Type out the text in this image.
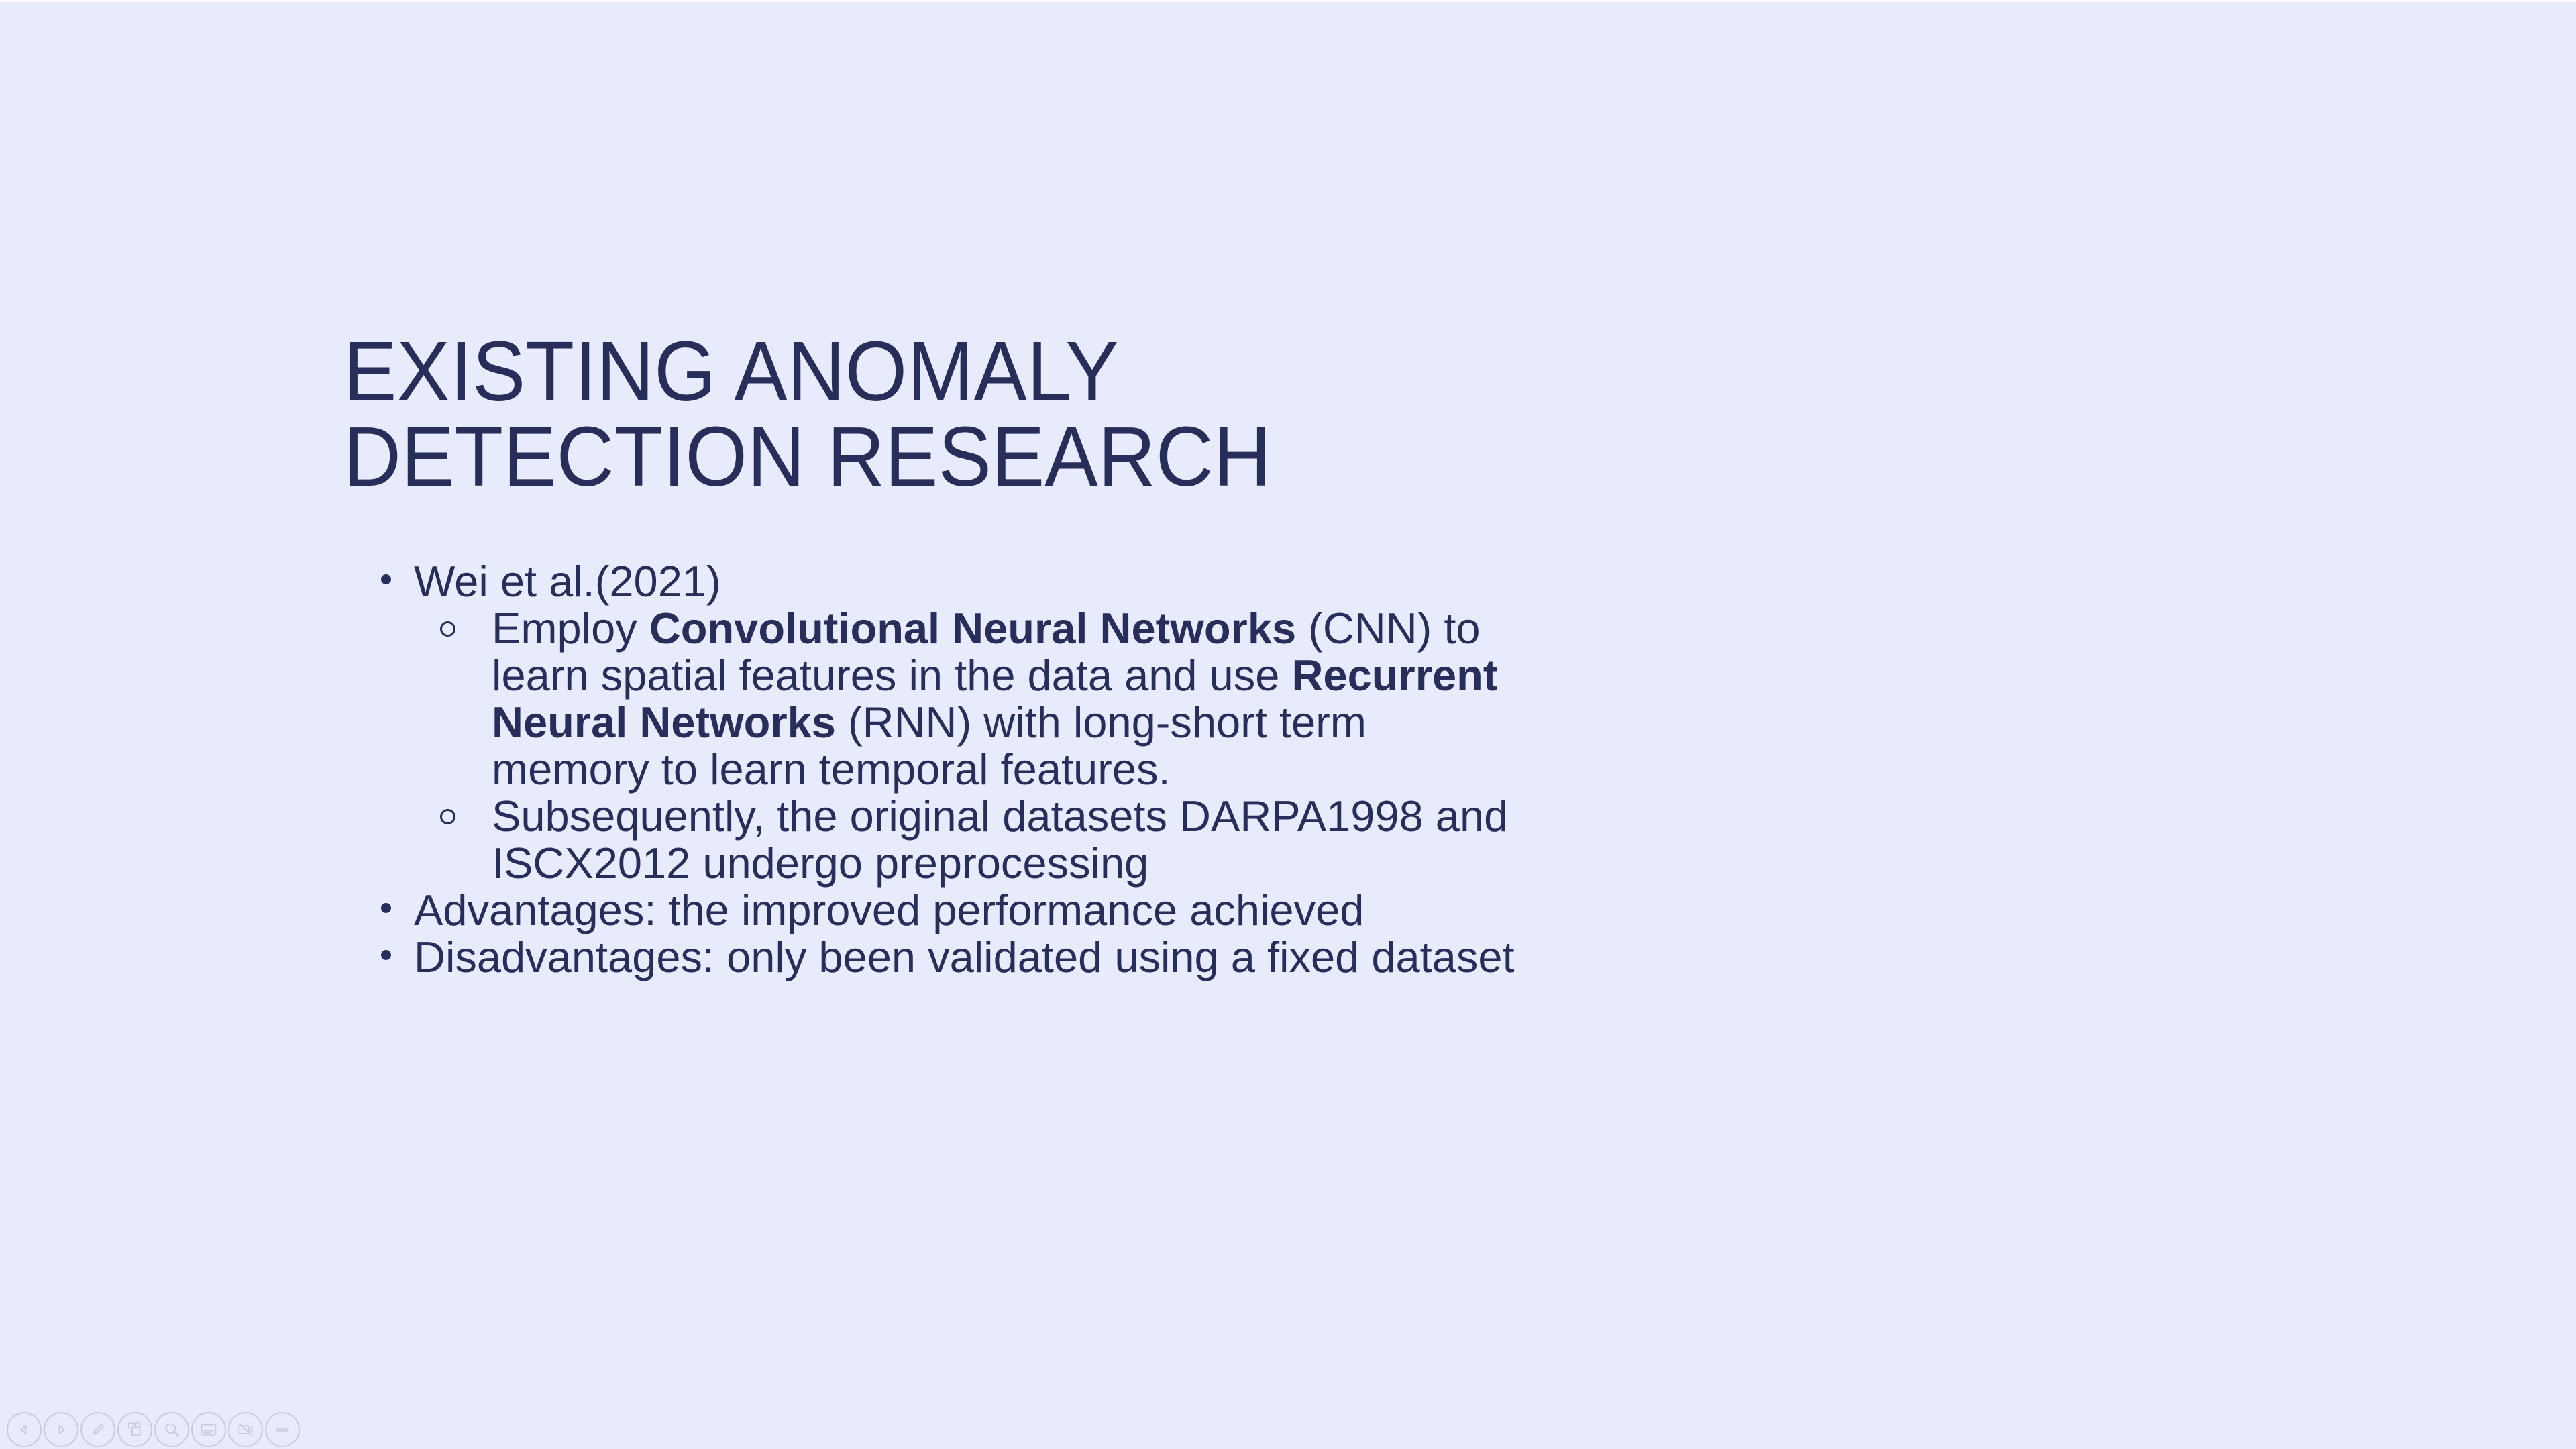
EXISTING ANOMALY
DETECTION RESEARCH
Wei et al.(2021)
Employ Convolutional Neural Networks (CNN) to
learn spatial features in the data and use Recurrent
Neural Networks (RNN) with long-short term
memory to learn temporal features.
Subsequently, the original datasets DARPA1998 and
ISCX2012 undergo preprocessing
Advantages: the improved performance achieved
Disadvantages: only been validated using a fixed dataset
